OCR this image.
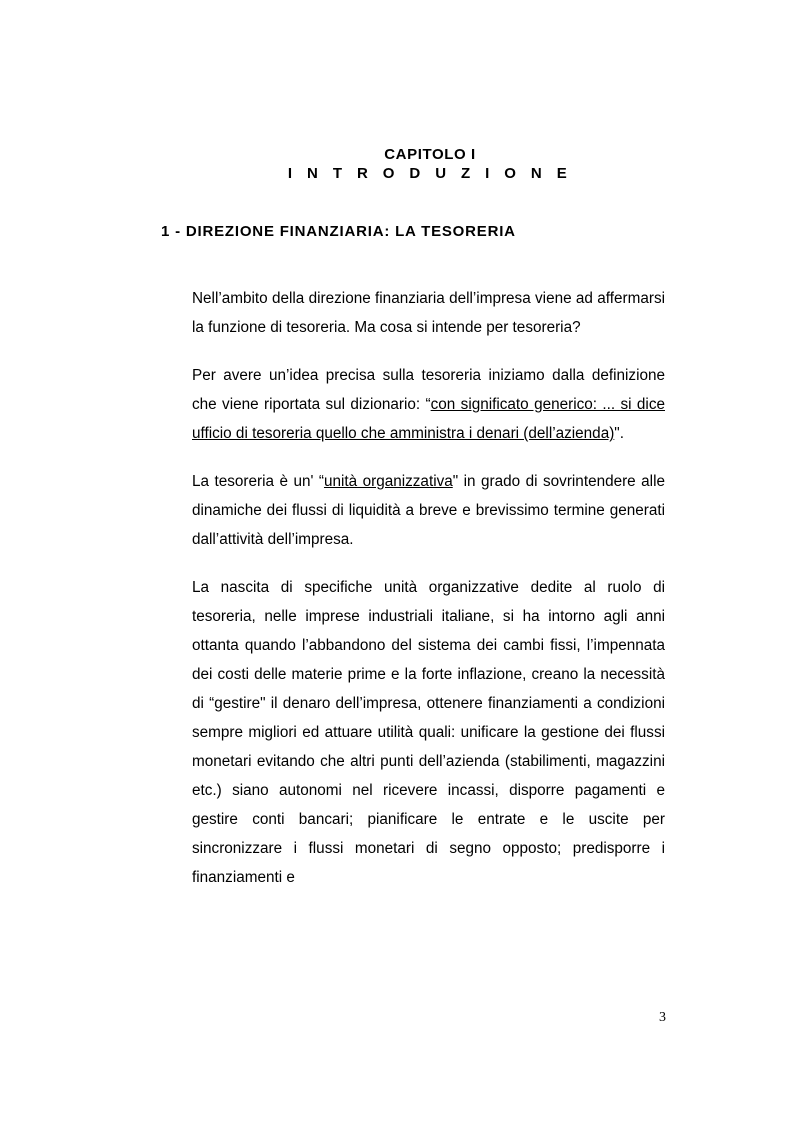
CAPITOLO I
I N T R O D U Z I O N E
1 - DIREZIONE FINANZIARIA: LA TESORERIA

Nell’ambito della direzione finanziaria dell’impresa viene ad affermarsi la funzione di tesoreria. Ma cosa si intende per tesoreria?

Per avere un’idea precisa sulla tesoreria iniziamo dalla definizione che viene riportata sul dizionario: “con significato generico: ... si dice ufficio di tesoreria quello che amministra i denari (dell’azienda)".

La tesoreria è un' “unità organizzativa" in grado di sovrintendere alle dinamiche dei flussi di liquidità a breve e brevissimo termine generati dall’attività dell’impresa.

La nascita di specifiche unità organizzative dedite al ruolo di tesoreria, nelle imprese industriali italiane, si ha intorno agli anni ottanta quando l’abbandono del sistema dei cambi fissi, l’impennata dei costi delle materie prime e la forte inflazione, creano la necessità di “gestire" il denaro dell’impresa, ottenere finanziamenti a condizioni sempre migliori ed attuare utilità quali: unificare la gestione dei flussi monetari evitando che altri punti dell’azienda (stabilimenti, magazzini etc.) siano autonomi nel ricevere incassi, disporre pagamenti e gestire conti bancari; pianificare le entrate e le uscite per sincronizzare i flussi monetari di segno opposto; predisporre i finanziamenti e

3
